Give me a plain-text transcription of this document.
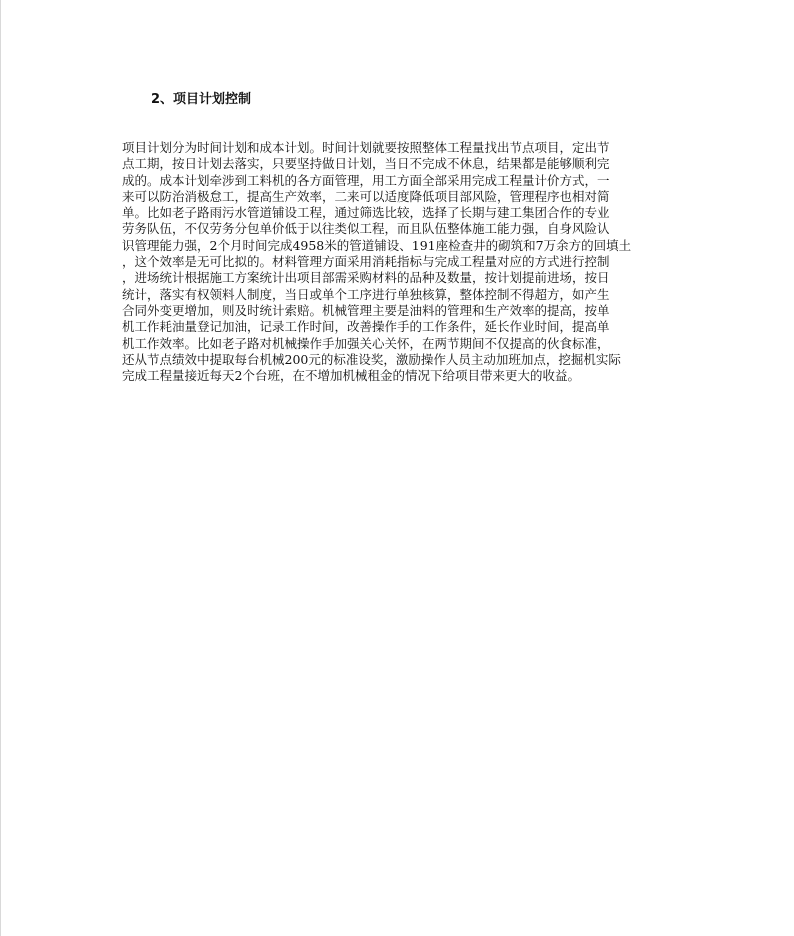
2、项目计划控制
项目计划分为时间计划和成本计划。时间计划就要按照整体工程量找出节点项目，定出节
点工期，按日计划去落实，只要坚持做日计划，当日不完成不休息，结果都是能够顺利完
成的。成本计划牵涉到工料机的各方面管理，用工方面全部采用完成工程量计价方式，一
来可以防治消极怠工，提高生产效率，二来可以适度降低项目部风险，管理程序也相对简
单。比如老子路雨污水管道铺设工程，通过筛选比较，选择了长期与建工集团合作的专业
劳务队伍，不仅劳务分包单价低于以往类似工程，而且队伍整体施工能力强，自身风险认
识管理能力强，2个月时间完成4958米的管道铺设、191座检查井的砌筑和7万余方的回填土
，这个效率是无可比拟的。材料管理方面采用消耗指标与完成工程量对应的方式进行控制
，进场统计根据施工方案统计出项目部需采购材料的品种及数量，按计划提前进场，按日
统计，落实有权领料人制度，当日或单个工序进行单独核算，整体控制不得超方，如产生
合同外变更增加，则及时统计索赔。机械管理主要是油料的管理和生产效率的提高，按单
机工作耗油量登记加油，记录工作时间，改善操作手的工作条件，延长作业时间，提高单
机工作效率。比如老子路对机械操作手加强关心关怀，在两节期间不仅提高的伙食标准，
还从节点绩效中提取每台机械200元的标准设奖，激励操作人员主动加班加点，挖掘机实际
完成工程量接近每天2个台班，在不增加机械租金的情况下给项目带来更大的收益。
